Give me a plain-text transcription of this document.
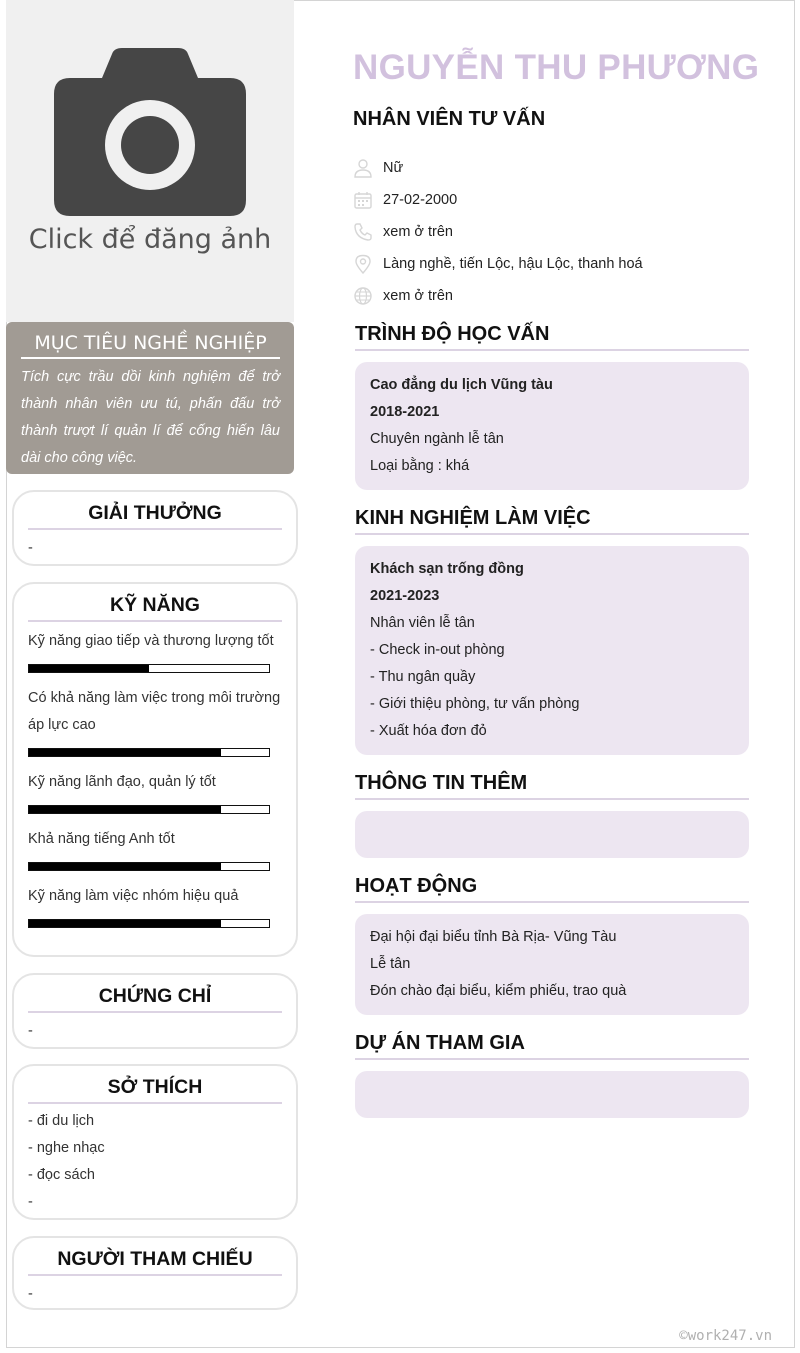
Click để đăng ảnh
MỤC TIÊU NGHỀ NGHIỆP

Tích cực trầu dồi kinh nghiệm để trở thành nhân viên ưu tú, phấn đấu trở thành trượt lí quản lí để cống hiến lâu dài cho công việc.

GIẢI THƯỞNG
-
KỸ NĂNG
Kỹ năng giao tiếp và thương lượng tốt
Có khả năng làm việc trong môi trường áp lực cao
Kỹ năng lãnh đạo, quản lý tốt
Khả năng tiếng Anh tốt
Kỹ năng làm việc nhóm hiệu quả
CHỨNG CHỈ
-
SỞ THÍCH
- đi du lịch
- nghe nhạc
- đọc sách
-
NGƯỜI THAM CHIẾU
-
NGUYỄN THU PHƯƠNG
NHÂN VIÊN TƯ VẤN
Nữ
27-02-2000
xem ở trên
Làng nghề, tiến Lộc, hậu Lộc, thanh hoá
xem ở trên
TRÌNH ĐỘ HỌC VẤN
Cao đẳng du lịch Vũng tàu
2018-2021
Chuyên ngành lễ tân
Loại bằng : khá
KINH NGHIỆM LÀM VIỆC
Khách sạn trống đồng
2021-2023
Nhân viên lễ tân
- Check in-out phòng
- Thu ngân quầy
- Giới thiệu phòng, tư vấn phòng
- Xuất hóa đơn đỏ
THÔNG TIN THÊM
HOẠT ĐỘNG
Đại hội đại biểu tỉnh Bà Rịa- Vũng Tàu
Lễ tân
Đón chào đại biểu, kiểm phiếu, trao quà
DỰ ÁN THAM GIA
©work247.vn
